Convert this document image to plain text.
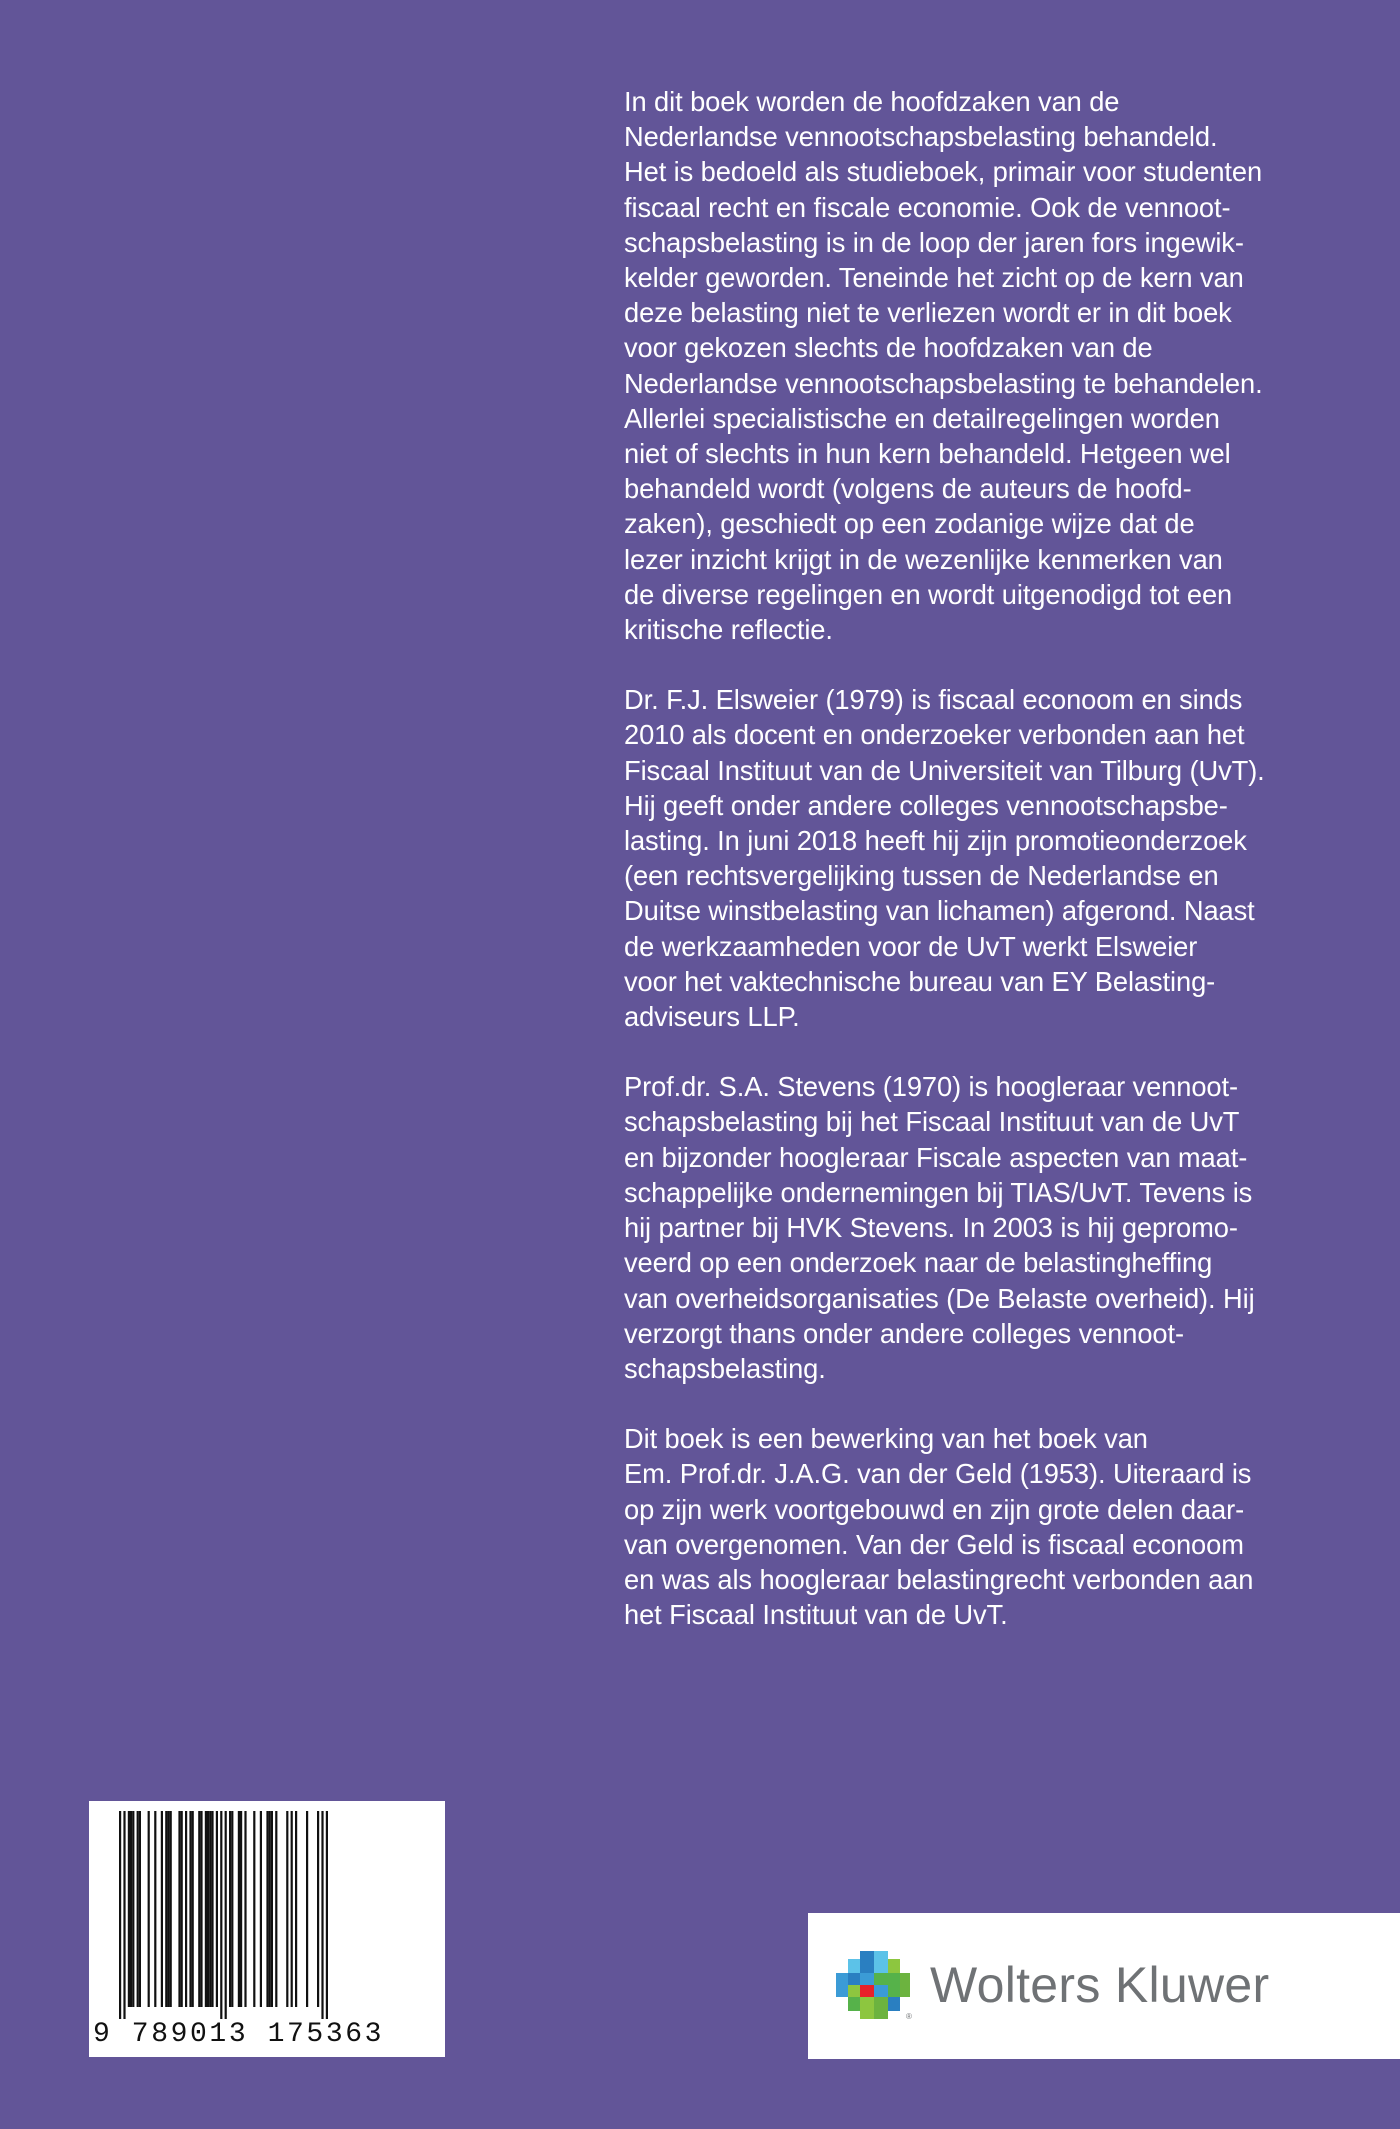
In dit boek worden de hoofdzaken van de
Nederlandse vennootschapsbelasting behandeld.
Het is bedoeld als studieboek, primair voor studenten
fiscaal recht en fiscale economie. Ook de vennoot-
schapsbelasting is in de loop der jaren fors ingewik-
kelder geworden. Teneinde het zicht op de kern van
deze belasting niet te verliezen wordt er in dit boek
voor gekozen slechts de hoofdzaken van de
Nederlandse vennootschapsbelasting te behandelen.
Allerlei specialistische en detailregelingen worden
niet of slechts in hun kern behandeld. Hetgeen wel
behandeld wordt (volgens de auteurs de hoofd-
zaken), geschiedt op een zodanige wijze dat de
lezer inzicht krijgt in de wezenlijke kenmerken van
de diverse regelingen en wordt uitgenodigd tot een
kritische reflectie.
Dr. F.J. Elsweier (1979) is fiscaal econoom en sinds
2010 als docent en onderzoeker verbonden aan het
Fiscaal Instituut van de Universiteit van Tilburg (UvT).
Hij geeft onder andere colleges vennootschapsbe-
lasting. In juni 2018 heeft hij zijn promotieonderzoek
(een rechtsvergelijking tussen de Nederlandse en
Duitse winstbelasting van lichamen) afgerond. Naast
de werkzaamheden voor de UvT werkt Elsweier
voor het vaktechnische bureau van EY Belasting-
adviseurs LLP.
Prof.dr. S.A. Stevens (1970) is hoogleraar vennoot-
schapsbelasting bij het Fiscaal Instituut van de UvT
en bijzonder hoogleraar Fiscale aspecten van maat-
schappelijke ondernemingen bij TIAS/UvT. Tevens is
hij partner bij HVK Stevens. In 2003 is hij gepromo-
veerd op een onderzoek naar de belastingheffing
van overheidsorganisaties (De Belaste overheid). Hij
verzorgt thans onder andere colleges vennoot-
schapsbelasting.
Dit boek is een bewerking van het boek van
Em. Prof.dr. J.A.G. van der Geld (1953). Uiteraard is
op zijn werk voortgebouwd en zijn grote delen daar-
van overgenomen. Van der Geld is fiscaal econoom
en was als hoogleraar belastingrecht verbonden aan
het Fiscaal Instituut van de UvT.
9 789013 175363
®
Wolters Kluwer
